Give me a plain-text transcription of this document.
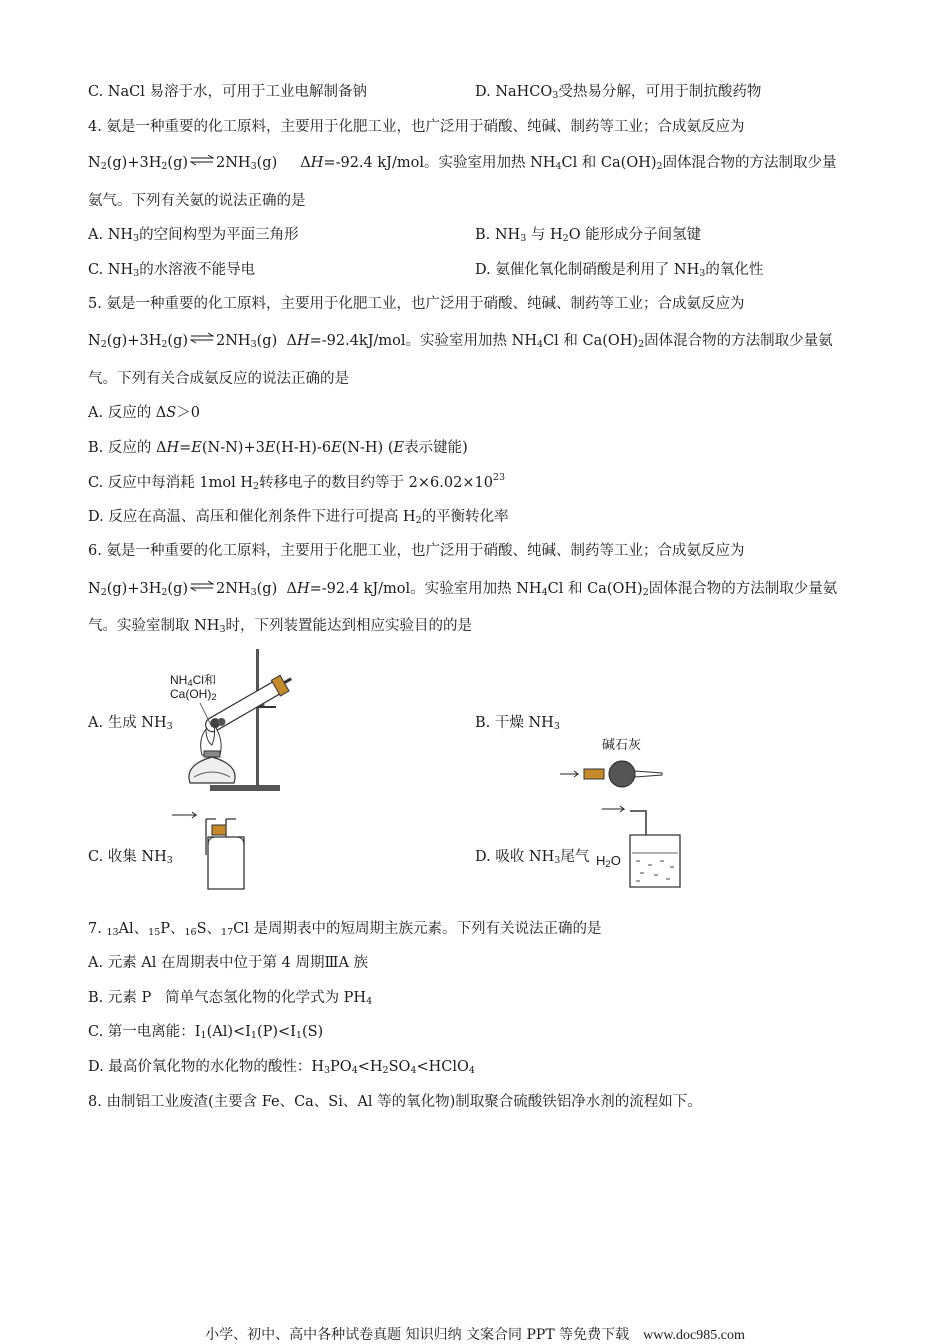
C. NaCl 易溶于水，可用于工业电解制备钠	D. NaHCO$_3$受热易分解，可用于制抗酸药物
4. 氨是一种重要的化工原料，主要用于化肥工业，也广泛用于硝酸、纯碱、制药等工业；合成氨反应为
$N_2(g)+3H_2(g)$ ⇌ $2NH_3(g)$ ΔH=-92.4 kJ/mol。实验室用加热 $NH_4Cl$ 和 $Ca(OH)_2$固体混合物的方法制取少量
氨气。下列有关氨的说法正确的是
A. $NH_3$的空间构型为平面三角形	B. $NH_3$ 与 $H_2O$ 能形成分子间氢键
C. $NH_3$的水溶液不能导电	D. 氨催化氧化制硝酸是利用了 $NH_3$的氧化性
5. 氨是一种重要的化工原料，主要用于化肥工业，也广泛用于硝酸、纯碱、制药等工业；合成氨反应为
$N_2(g)+3H_2(g)$ ⇌ $2NH_3(g)$ ΔH=-92.4kJ/mol。实验室用加热 $NH_4Cl$ 和 $Ca(OH)_2$固体混合物的方法制取少量氨
气。下列有关合成氨反应的说法正确的是
A. 反应的 ΔS＞0
B. 反应的 ΔH=E(N-N)+3E(H-H)-6E(N-H) (E表示键能)
C. 反应中每消耗 1mol $H_2$转移电子的数目约等于 $2\times 6.02\times 10^{23}$
D. 反应在高温、高压和催化剂条件下进行可提高 $H_2$的平衡转化率
6. 氨是一种重要的化工原料，主要用于化肥工业，也广泛用于硝酸、纯碱、制药等工业；合成氨反应为
$N_2(g)+3H_2(g)$ ⇌ $2NH_3(g)$ ΔH=-92.4 kJ/mol。实验室用加热 $NH_4Cl$ 和 $Ca(OH)_2$固体混合物的方法制取少量氨
气。实验室制取 $NH_3$时，下列装置能达到相应实验目的的是
A. 生成 $NH_3$	B. 干燥 $NH_3$
C. 收集 $NH_3$	D. 吸收 $NH_3$尾气
$NH_4Cl$和
$Ca(OH)_2$
碱石灰
$H_2O$
7. $_{13}$Al、$_{15}$P、$_{16}$S、$_{17}$Cl 是周期表中的短周期主族元素。下列有关说法正确的是
A. 元素 Al 在周期表中位于第 4 周期ⅢA 族
B. 元素 P   简单气态氢化物的化学式为 $PH_4$
C. 第一电离能：$I_1(Al)<I_1(P)<I_1(S)$
D. 最高价氧化物的水化物的酸性：$H_3PO_4<H_2SO_4<HClO_4$
8. 由制铝工业废渣(主要含 Fe、Ca、Si、Al 等的氧化物)制取聚合硫酸铁铝净水剂的流程如下。
小学、初中、高中各种试卷真题 知识归纳 文案合同 PPT 等免费下载 www.doc985.com
